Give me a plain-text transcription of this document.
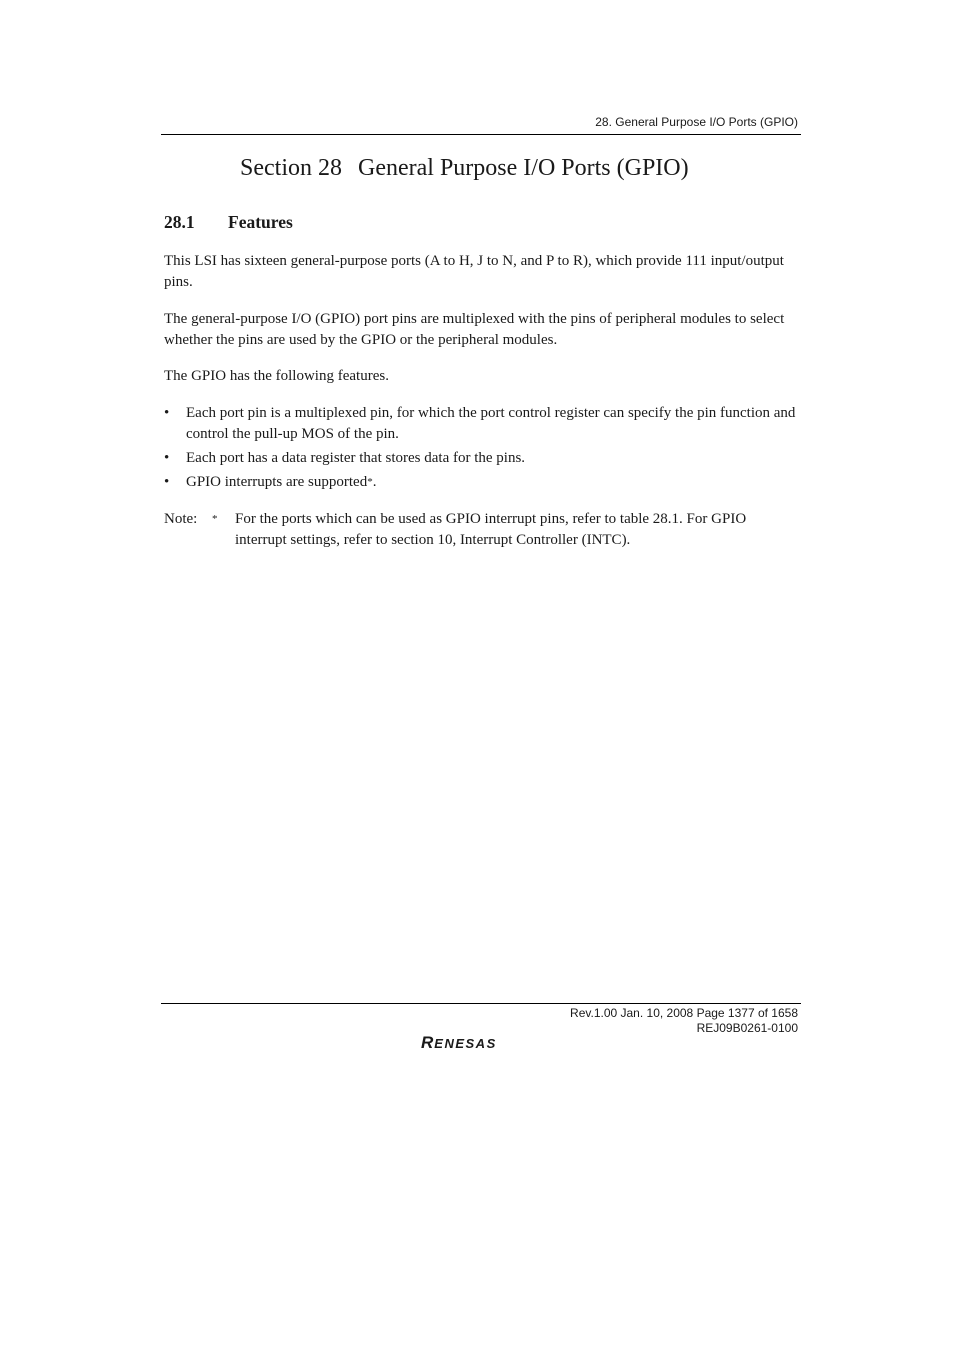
28. General Purpose I/O Ports (GPIO)
Section 28 General Purpose I/O Ports (GPIO)
28.1 Features

This LSI has sixteen general-purpose ports (A to H, J to N, and P to R), which provide 111 input/output pins.

The general-purpose I/O (GPIO) port pins are multiplexed with the pins of peripheral modules to select whether the pins are used by the GPIO or the peripheral modules.

The GPIO has the following features.

• Each port pin is a multiplexed pin, for which the port control register can specify the pin function and control the pull-up MOS of the pin.
• Each port has a data register that stores data for the pins.
• GPIO interrupts are supported*.
Note: * For the ports which can be used as GPIO interrupt pins, refer to table 28.1. For GPIO interrupt settings, refer to section 10, Interrupt Controller (INTC).
Rev.1.00 Jan. 10, 2008 Page 1377 of 1658
REJ09B0261-0100
RENESAS
